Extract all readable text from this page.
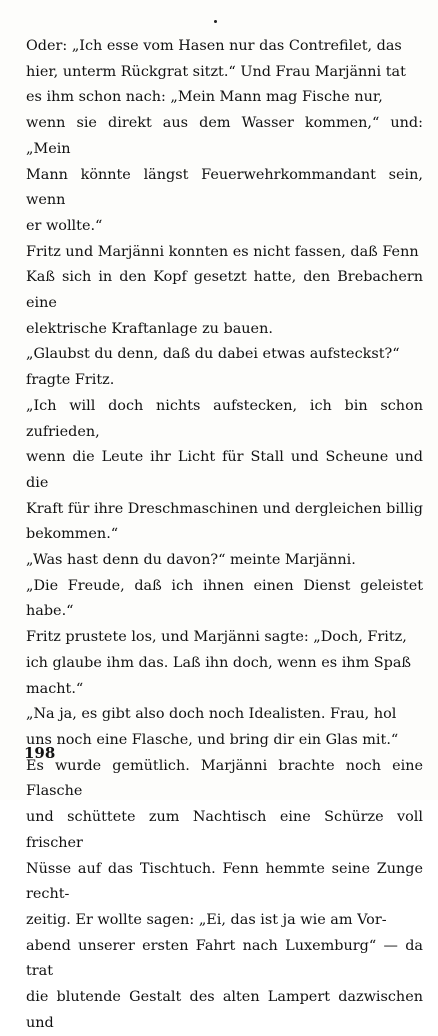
Oder: „Ich esse vom Hasen nur das Contrefilet, das
hier, unterm Rückgrat sitzt.“ Und Frau Marjänni tat
es ihm schon nach: „Mein Mann mag Fische nur,
wenn sie direkt aus dem Wasser kommen,“ und: „Mein
Mann könnte längst Feuerwehrkommandant sein, wenn
er wollte.“

Fritz und Marjänni konnten es nicht fassen, daß Fenn
Kaß sich in den Kopf gesetzt hatte, den Brebachern eine
elektrische Kraftanlage zu bauen.

„Glaubst du denn, daß du dabei etwas aufsteckst?“
fragte Fritz.

„Ich will doch nichts aufstecken, ich bin schon zufrieden,
wenn die Leute ihr Licht für Stall und Scheune und die
Kraft für ihre Dreschmaschinen und dergleichen billig
bekommen.“

„Was hast denn du davon?“ meinte Marjänni.

„Die Freude, daß ich ihnen einen Dienst geleistet habe.“
Fritz prustete los, und Marjänni sagte: „Doch, Fritz,
ich glaube ihm das. Laß ihn doch, wenn es ihm Spaß
macht.“

„Na ja, es gibt also doch noch Idealisten. Frau, hol
uns noch eine Flasche, und bring dir ein Glas mit.“
Es wurde gemütlich. Marjänni brachte noch eine Flasche
und schüttete zum Nachtisch eine Schürze voll frischer
Nüsse auf das Tischtuch. Fenn hemmte seine Zunge recht-
zeitig. Er wollte sagen: „Ei, das ist ja wie am Vor-
abend unserer ersten Fahrt nach Luxemburg“ — da trat
die blutende Gestalt des alten Lampert dazwischen und

198
